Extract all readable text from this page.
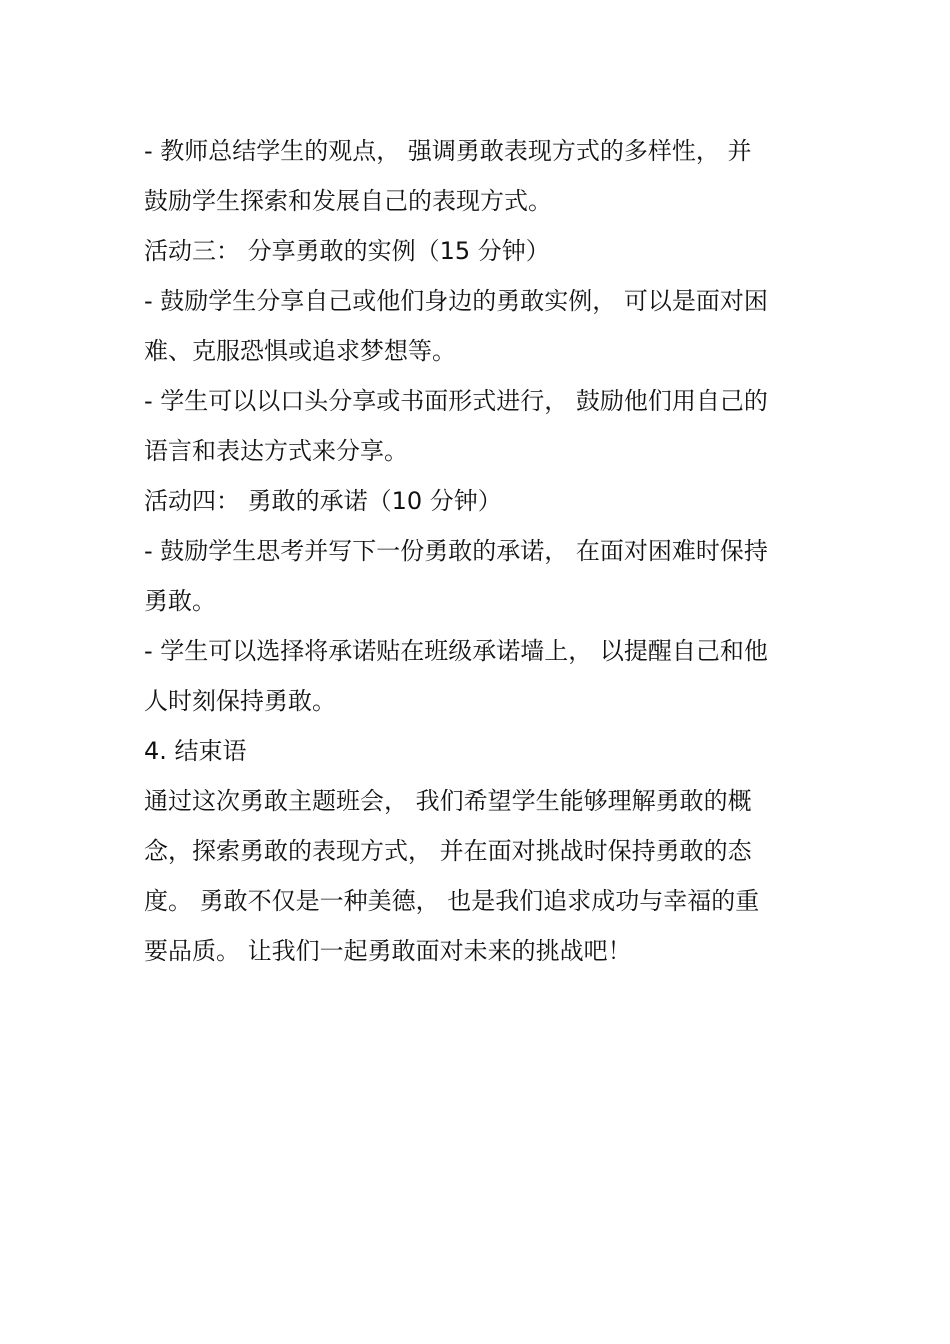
- 教师总结学生的观点， 强调勇敢表现方式的多样性， 并
鼓励学生探索和发展自己的表现方式。
活动三： 分享勇敢的实例（15 分钟）
- 鼓励学生分享自己或他们身边的勇敢实例， 可以是面对困
难、克服恐惧或追求梦想等。
- 学生可以以口头分享或书面形式进行， 鼓励他们用自己的
语言和表达方式来分享。
活动四： 勇敢的承诺（10 分钟）
- 鼓励学生思考并写下一份勇敢的承诺， 在面对困难时保持
勇敢。
- 学生可以选择将承诺贴在班级承诺墙上， 以提醒自己和他
人时刻保持勇敢。
4. 结束语
通过这次勇敢主题班会， 我们希望学生能够理解勇敢的概
念，探索勇敢的表现方式， 并在面对挑战时保持勇敢的态
度。 勇敢不仅是一种美德， 也是我们追求成功与幸福的重
要品质。 让我们一起勇敢面对未来的挑战吧！
